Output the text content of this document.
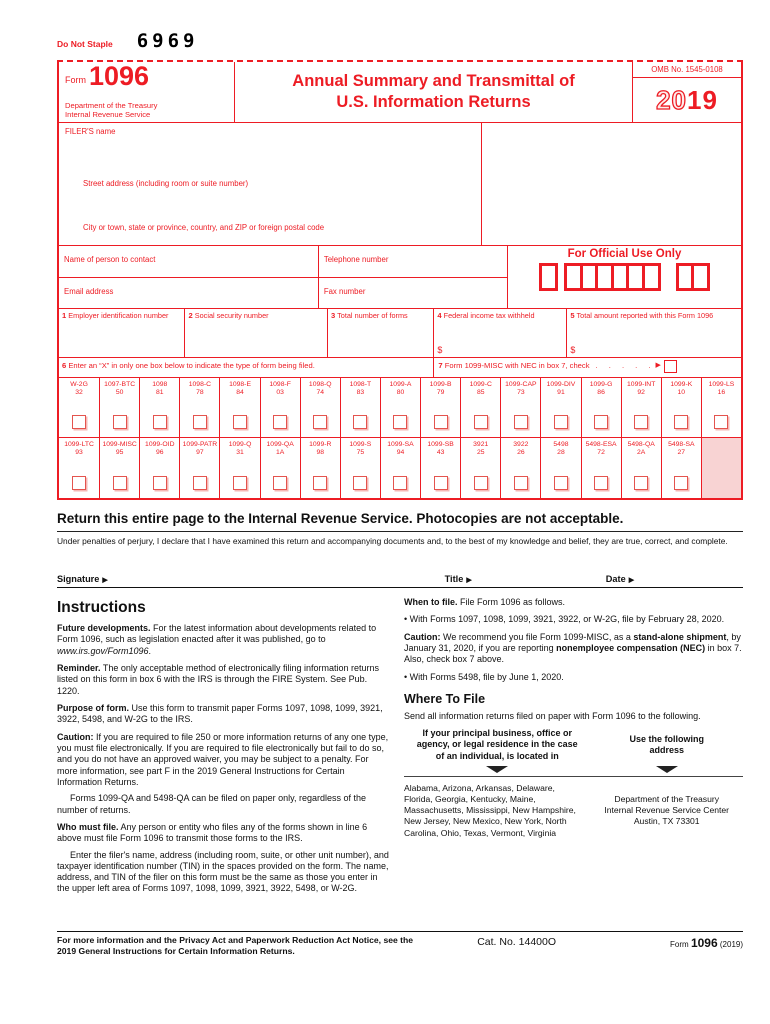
Do Not Staple 6969
Form 1096
Department of the Treasury
Internal Revenue Service
Annual Summary and Transmittal of
U.S. Information Returns
OMB No. 1545-0108
20 19
FILER'S name
Street address (including room or suite number)
City or town, state or province, country, and ZIP or foreign postal code
Name of person to contact	Telephone number
Email address	Fax number
For Official Use Only
1 Employer identification number	2 Social security number	3 Total number of forms	4 Federal income tax withheld
$
5 Total amount reported with this Form 1096
$
6 Enter an “X” in only one box below to indicate the type of form being filed.	7 Form 1099-MISC with NEC in box 7, check . . . . . ▶
W-2G
32
1097-BTC
50
1098
81
1098-C
78
1098-E
84
1098-F
03
1098-Q
74
1098-T
83
1099-A
80
1099-B
79
1099-C
85
1099-CAP
73
1099-DIV
91
1099-G
86
1099-INT
92
1099-K
10
1099-LS
16
1099-LTC
93
1099-MISC
95
1099-OID
96
1099-PATR
97
1099-Q
31
1099-QA
1A
1099-R
98
1099-S
75
1099-SA
94
1099-SB
43
3921
25
3922
26
5498
28
5498-ESA
72
5498-QA
2A
5498-SA
27
Return this entire page to the Internal Revenue Service. Photocopies are not acceptable.
Under penalties of perjury, I declare that I have examined this return and accompanying documents and, to the best of my knowledge and belief, they are true, correct, and complete.
Signature ▶	Title ▶	Date ▶
Instructions

Future developments. For the latest information about developments related to Form 1096, such as legislation enacted after it was published, go to www.irs.gov/Form1096.

Reminder. The only acceptable method of electronically filing information returns listed on this form in box 6 with the IRS is through the FIRE System. See Pub. 1220.

Purpose of form. Use this form to transmit paper Forms 1097, 1098, 1099, 3921, 3922, 5498, and W-2G to the IRS.

Caution: If you are required to file 250 or more information returns of any one type, you must file electronically. If you are required to file electronically but fail to do so, and you do not have an approved waiver, you may be subject to a penalty. For more information, see part F in the 2019 General Instructions for Certain Information Returns.

Forms 1099-QA and 5498-QA can be filed on paper only, regardless of the number of returns.

Who must file. Any person or entity who files any of the forms shown in line 6 above must file Form 1096 to transmit those forms to the IRS.

Enter the filer's name, address (including room, suite, or other unit number), and taxpayer identification number (TIN) in the spaces provided on the form. The name, address, and TIN of the filer on this form must be the same as those you enter in the upper left area of Forms 1097, 1098, 1099, 3921, 3922, 5498, or W-2G.

When to file. File Form 1096 as follows.

• With Forms 1097, 1098, 1099, 3921, 3922, or W-2G, file by February 28, 2020.

Caution: We recommend you file Form 1099-MISC, as a stand-alone shipment, by January 31, 2020, if you are reporting nonemployee compensation (NEC) in box 7. Also, check box 7 above.

• With Forms 5498, file by June 1, 2020.

Where To File

Send all information returns filed on paper with Form 1096 to the following.

If your principal business, office or agency, or legal residence in the case of an individual, is located in
Use the following address
Alabama, Arizona, Arkansas, Delaware, Florida, Georgia, Kentucky, Maine, Massachusetts, Mississippi, New Hampshire, New Jersey, New Mexico, New York, North Carolina, Ohio, Texas, Vermont, Virginia
Department of the Treasury
Internal Revenue Service Center
Austin, TX 73301
For more information and the Privacy Act and Paperwork Reduction Act Notice, see the 2019 General Instructions for Certain Information Returns.
Cat. No. 14400O	Form 1096 (2019)
